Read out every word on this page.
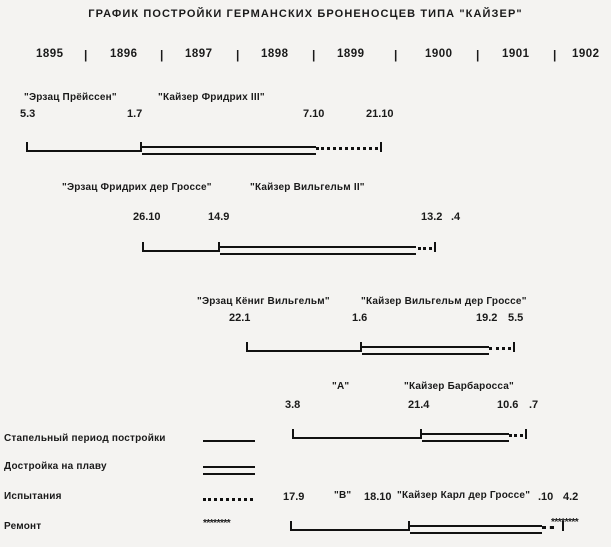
ГРАФИК ПОСТРОЙКИ ГЕРМАНСКИХ БРОНЕНОСЦЕВ ТИПА "КАЙЗЕР"
1895 | 1896 | 1897 | 1898 | 1899 | 1900 | 1901 | 1902
"Эрзац Прёйссен"	"Кайзер Фридрих III"
5.3	1.7	7.10	21.10
"Эрзац Фридрих дер Гроссе"	"Кайзер Вильгельм II"
26.10	14.9	13.2 .4
"Эрзац Кёниг Вильгельм"	"Кайзер Вильгельм дер Гроссе"
22.1	1.6	19.2 5.5
"А"	"Кайзер Барбаросса"
3.8	21.4	10.6 .7
"В"	"Кайзер Карл дер Гроссе"
17.9	18.10	.10 4.2
********
Стапельный период постройки
Достройка на плаву
Испытания
Ремонт	********
